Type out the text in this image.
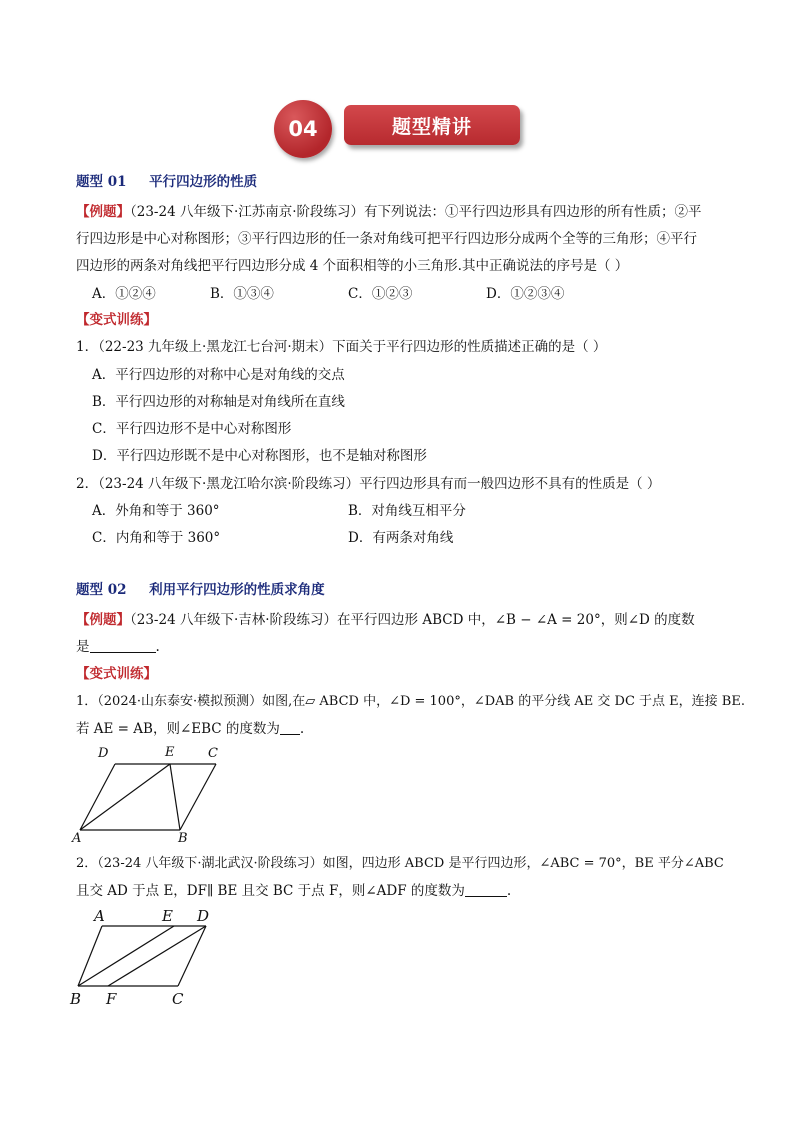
04	题型精讲
题型 01 平行四边形的性质
【例题】（23-24 八年级下·江苏南京·阶段练习）有下列说法：①平行四边形具有四边形的所有性质；②平
行四边形是中心对称图形；③平行四边形的任一条对角线可把平行四边形分成两个全等的三角形；④平行
四边形的两条对角线把平行四边形分成 4 个面积相等的小三角形.其中正确说法的序号是（ ）
A．①②④	B．①③④	C．①②③	D．①②③④
【变式训练】
1．（22-23 九年级上·黑龙江七台河·期末）下面关于平行四边形的性质描述正确的是（ ）
A．平行四边形的对称中心是对角线的交点
B．平行四边形的对称轴是对角线所在直线
C．平行四边形不是中心对称图形
D．平行四边形既不是中心对称图形，也不是轴对称图形
2．（23-24 八年级下·黑龙江哈尔滨·阶段练习）平行四边形具有而一般四边形不具有的性质是（ ）
A．外角和等于 360°	B．对角线互相平分
C．内角和等于 360°	D．有两条对角线
题型 02 利用平行四边形的性质求角度
【例题】（23-24 八年级下·吉林·阶段练习）在平行四边形 ABCD 中，∠B − ∠A = 20°，则∠D 的度数
是	.
【变式训练】
1．（2024·山东泰安·模拟预测）如图,在▱ ABCD 中，∠D = 100°，∠DAB 的平分线 AE 交 DC 于点 E，连接 BE.
若 AE = AB，则∠EBC 的度数为 .
D	E	C
A	B
2．（23-24 八年级下·湖北武汉·阶段练习）如图，四边形 ABCD 是平行四边形，∠ABC = 70°，BE 平分∠ABC
且交 AD 于点 E，DF∥ BE 且交 BC 于点 F，则∠ADF 的度数为	.
A	E D
B F	C
